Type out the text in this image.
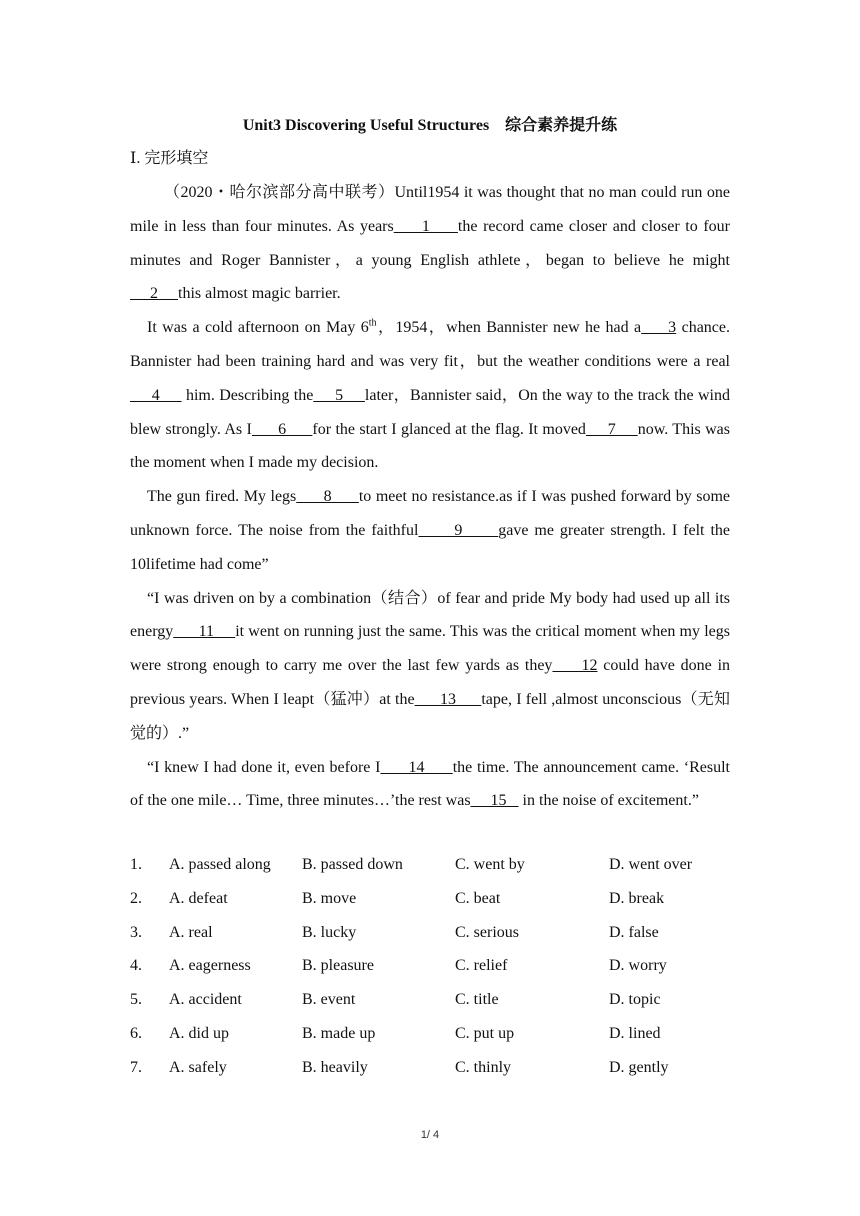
Unit3 Discovering Useful Structures　综合素养提升练
Ⅰ. 完形填空

（2020・哈尔滨部分高中联考）Until1954 it was thought that no man could run one mile in less than four minutes. As years     1     the record came closer and closer to four minutes and Roger Bannister，a young English athlete，began to believe he might     2     this almost magic barrier.

It was a cold afternoon on May 6th，1954，when Bannister new he had a     3 chance. Bannister had been training hard and was very fit，but the weather conditions were a real     4      him. Describing the     5     later，Bannister said，On the way to the track the wind blew strongly. As I      6      for the start I glanced at the flag. It moved     7     now. This was the moment when I made my decision.

The gun fired. My legs      8      to meet no resistance.as if I was pushed forward by some unknown force. The noise from the faithful      9      gave me greater strength. I felt the 10lifetime had come”

“I was driven on by a combination（结合）of fear and pride My body had used up all its energy      11     it went on running just the same. This was the critical moment when my legs were strong enough to carry me over the last few yards as they     12 could have done in previous years. When I leapt（猛冲）at the      13      tape, I fell ,almost unconscious（无知觉的）.”

“I knew I had done it, even before I      14      the time. The announcement came. ‘Result of the one mile… Time, three minutes…’the rest was     15    in the noise of excitement.”

1. A. passed along B. passed down	C. went by	D. went over
2. A. defeat	B. move	C. beat	D. break
3. A. real	B. lucky	C. serious	D. false
4. A. eagerness	B. pleasure	C. relief	D. worry
5. A. accident	B. event	C. title	D. topic
6. A. did up	B. made up	C. put up	D. lined
7. A. safely	B. heavily	C. thinly	D. gently
1/ 4
